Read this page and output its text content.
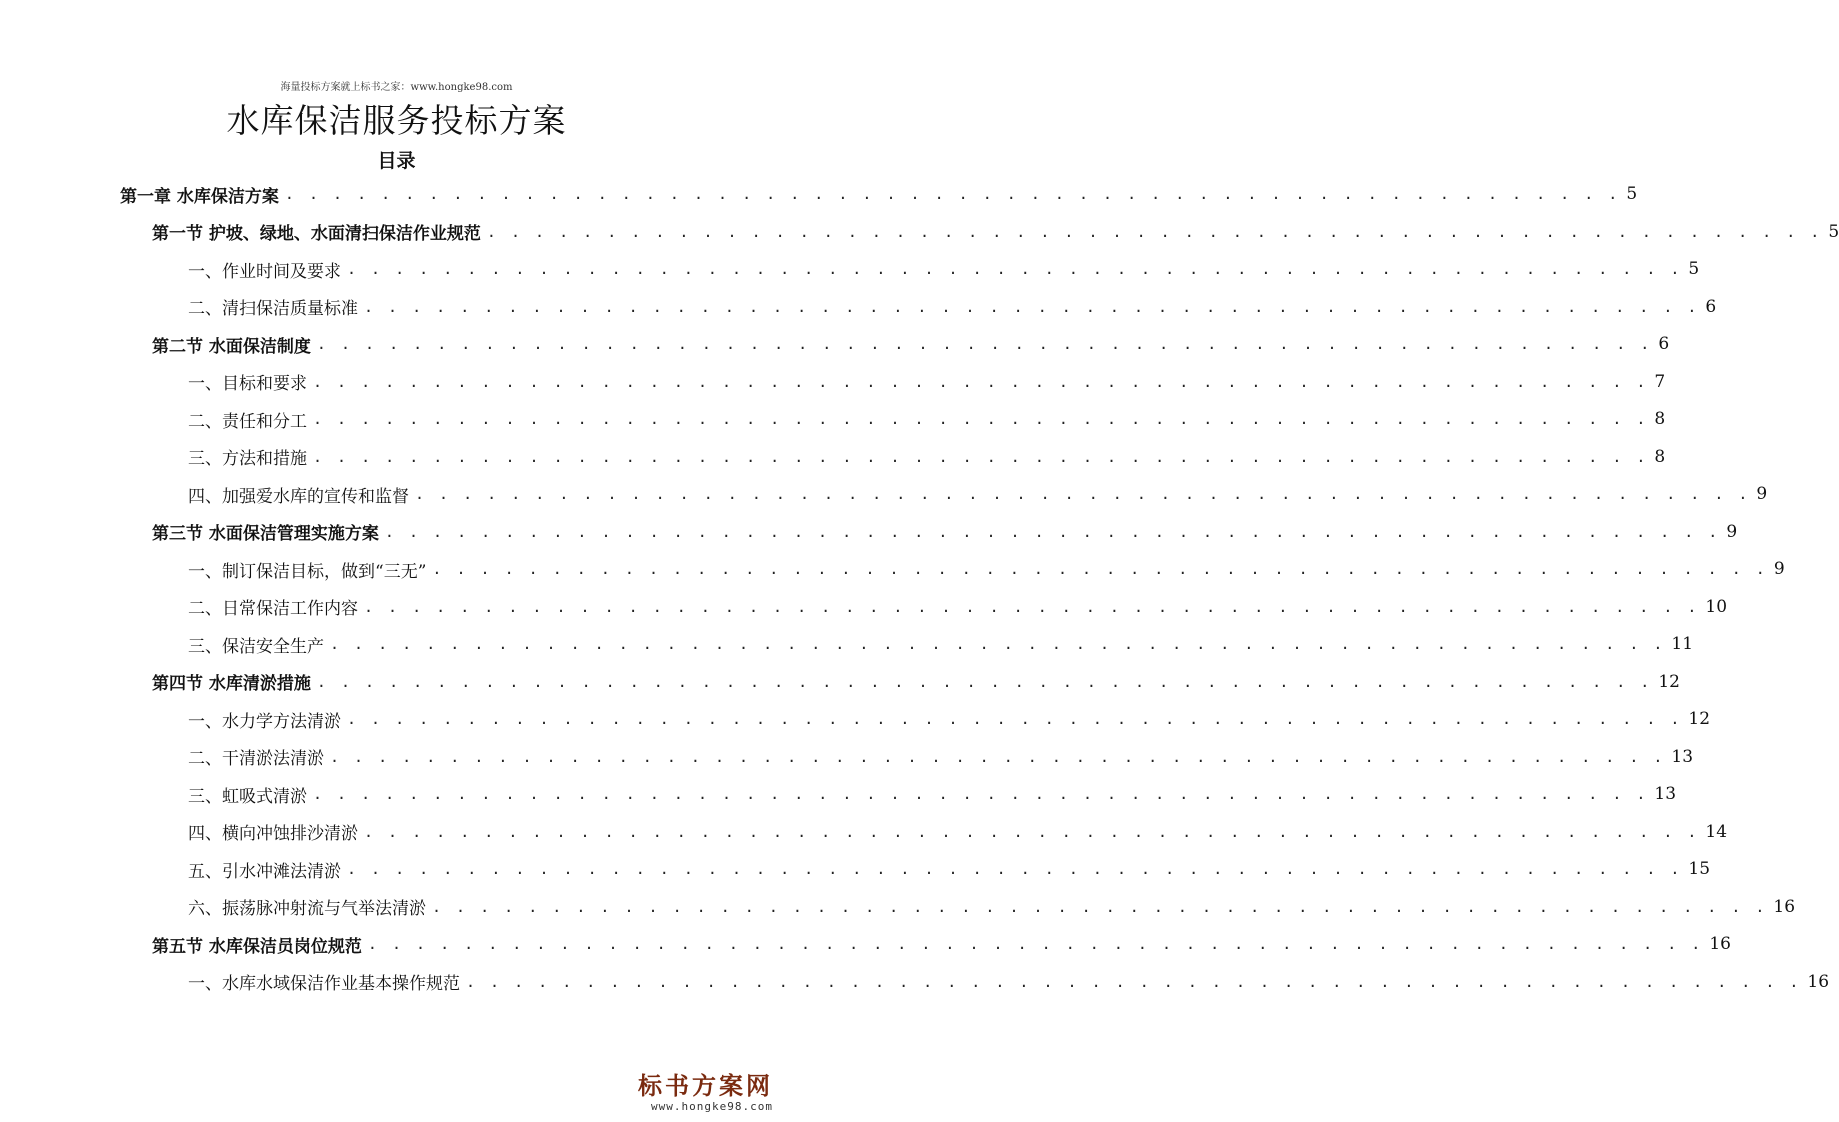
海量投标方案就上标书之家：www.hongke98.com
水库保洁服务投标方案
目录
第一章 水库保洁方案 . . . . . . . . . . . . . . . . . . . . . . . . . . . . . . . . . . . . . . . . . . . . . . . . . . . . . . . . 5
第一节 护坡、绿地、水面清扫保洁作业规范 . . . . . . . . . . . . . . . . . . . . . . . . . . . . . . . . . . . . . . . . . . . . . . . . . . . . . . . . 5
一、作业时间及要求 . . . . . . . . . . . . . . . . . . . . . . . . . . . . . . . . . . . . . . . . . . . . . . . . . . . . . . . . 5
二、清扫保洁质量标准 . . . . . . . . . . . . . . . . . . . . . . . . . . . . . . . . . . . . . . . . . . . . . . . . . . . . . . . . 6
第二节 水面保洁制度 . . . . . . . . . . . . . . . . . . . . . . . . . . . . . . . . . . . . . . . . . . . . . . . . . . . . . . . . 6
一、目标和要求 . . . . . . . . . . . . . . . . . . . . . . . . . . . . . . . . . . . . . . . . . . . . . . . . . . . . . . . . 7
二、责任和分工 . . . . . . . . . . . . . . . . . . . . . . . . . . . . . . . . . . . . . . . . . . . . . . . . . . . . . . . . 8
三、方法和措施 . . . . . . . . . . . . . . . . . . . . . . . . . . . . . . . . . . . . . . . . . . . . . . . . . . . . . . . . 8
四、加强爱水库的宣传和监督 . . . . . . . . . . . . . . . . . . . . . . . . . . . . . . . . . . . . . . . . . . . . . . . . . . . . . . . . 9
第三节 水面保洁管理实施方案 . . . . . . . . . . . . . . . . . . . . . . . . . . . . . . . . . . . . . . . . . . . . . . . . . . . . . . . . 9
一、制订保洁目标，做到“三无” . . . . . . . . . . . . . . . . . . . . . . . . . . . . . . . . . . . . . . . . . . . . . . . . . . . . . . . . 9
二、日常保洁工作内容 . . . . . . . . . . . . . . . . . . . . . . . . . . . . . . . . . . . . . . . . . . . . . . . . . . . . . . . . 10
三、保洁安全生产 . . . . . . . . . . . . . . . . . . . . . . . . . . . . . . . . . . . . . . . . . . . . . . . . . . . . . . . . 11
第四节 水库清淤措施 . . . . . . . . . . . . . . . . . . . . . . . . . . . . . . . . . . . . . . . . . . . . . . . . . . . . . . . . 12
一、水力学方法清淤 . . . . . . . . . . . . . . . . . . . . . . . . . . . . . . . . . . . . . . . . . . . . . . . . . . . . . . . . 12
二、干清淤法清淤 . . . . . . . . . . . . . . . . . . . . . . . . . . . . . . . . . . . . . . . . . . . . . . . . . . . . . . . . 13
三、虹吸式清淤 . . . . . . . . . . . . . . . . . . . . . . . . . . . . . . . . . . . . . . . . . . . . . . . . . . . . . . . . 13
四、横向冲蚀排沙清淤 . . . . . . . . . . . . . . . . . . . . . . . . . . . . . . . . . . . . . . . . . . . . . . . . . . . . . . . . 14
五、引水冲滩法清淤 . . . . . . . . . . . . . . . . . . . . . . . . . . . . . . . . . . . . . . . . . . . . . . . . . . . . . . . . 15
六、振荡脉冲射流与气举法清淤 . . . . . . . . . . . . . . . . . . . . . . . . . . . . . . . . . . . . . . . . . . . . . . . . . . . . . . . . 16
第五节 水库保洁员岗位规范 . . . . . . . . . . . . . . . . . . . . . . . . . . . . . . . . . . . . . . . . . . . . . . . . . . . . . . . . 16
一、水库水域保洁作业基本操作规范 . . . . . . . . . . . . . . . . . . . . . . . . . . . . . . . . . . . . . . . . . . . . . . . . . . . . . . . . 16
标书方案网
www.hongke98.com
